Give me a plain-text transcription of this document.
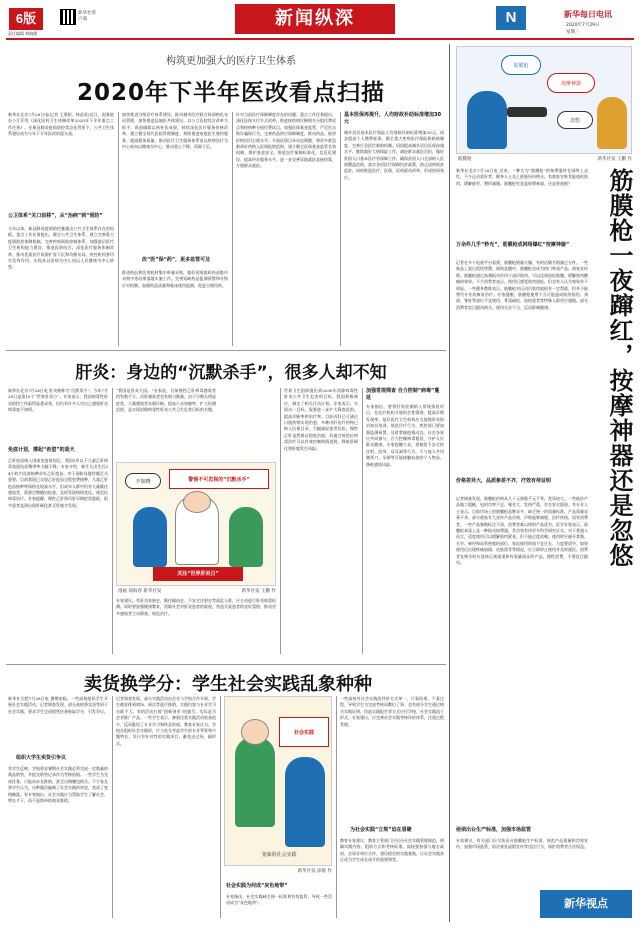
6版
责任编辑 林晓健
新华社客户端	新闻纵深	N	新华每日电讯
2020年7月29日
星期三
构筑更加强大的医疗卫生体系
2020年下半年医改看点扫描
新华社北京7月28日电(记者 王秉阳、林苗苗)近日，国务院办公厅印发《深化医药卫生体制改革2020年下半年重点工作任务》。在新冠肺炎疫情防控常态化背景下，公共卫生体系建设成为今年下半年医改的重头戏。
公卫体系“关口前移”，从“治病”到“预防”
今年以来，新冠肺炎疫情防控暴露出公共卫生体系存在的短板。重点工作任务提出，健全公共卫生体系，建立完善重大疫情防控体制机制。完善疾病预防控制体系，加强基层医疗卫生机构能力建设，推进医防结合。深化医疗服务体制改革，推动优质医疗资源扩容下沉和均衡布局。疾控机构要切实发挥作用，实现从以治病为中心向以人民健康为中心转变。
加快推进分级诊疗体系建设，推动城市医疗联合体网格化布局管理，加快推进县域医共体建设。以公立医院综合改革为抓手，巩固破除以药补医成果，持续深化医疗服务价格改革，建立健全现代医院管理制度。持续推进家庭医生签约服务，提高服务质量。推动医疗卫生服务体系由以疾病治疗为中心转向以健康为中心，推动重心下移、资源下沉。
改“医”保“药”，更多监管可及
推进药品和医用耗材集中带量采购，做好国家组织药品集中采购中选结果落地实施工作。完善短缺药品监测预警和分级应对机制。加强药品质量和临床使用监测，促进合理用药。
针对当前医疗保障制度存在的问题，重点工作任务提出，深化医保支付方式改革，推进按疾病诊断相关分组付费试点和按病种分值付费试点。加强医保基金监管，严厉打击欺诈骗保行为。完善药品供应保障制度，推动药品、耗材价格回归合理水平。开展医保目录动态调整，将更多救急救命好药纳入医保报销范围。建立健全医保基金监管长效机制，维护基金安全。推进医疗保障标准化、信息化建设，提高经办服务水平。进一步完善异地就医直接结算，方便群众就医。
基本医保再提升，人均财政补助标准增加30元
城乡居民基本医疗保险人均财政补助标准增加30元，同步提高个人缴费标准。健全重大疾病医疗保险和救助制度，完善应急医疗救助机制。巩固提高城乡居民医保待遇水平，继续做好大病保险工作，减轻群众就医负担。做好贫困人口基本医疗有保障工作，确保贫困人口全部纳入医保覆盖范围，落实各项医疗保障扶贫政策，防止因病致贫返贫。同时推进医疗、医保、医药联动改革，形成协同效应。
肝炎：身边的“沉默杀手”，很多人却不知
新华社北京7月28日电 肝炎被称为“沉默杀手”。今年7月28日是第10个“世界肝炎日”。专家表示，我国病毒性肝炎防控工作取得显著成效，但仍有许多人对自己感染肝炎病毒毫不知情。
免疫计划，撑起“希望”的蓝天
乙肝疫苗纳入国家免疫规划后，我国5岁以下儿童乙肝病毒表面抗原携带率大幅下降。专家介绍，新生儿出生后24小时内及时接种首针乙肝疫苗，对于预防母婴传播至关重要。目前我国已实现乙肝疫苗全程免费接种，儿童乙肝疫苗接种率保持在较高水平。但成年人群中仍有大量既往感染者，需要定期随访检查，及时发现病情变化，规范抗病毒治疗。专家提醒，慢性乙肝和丙肝早期症状隐匿，很多患者直到出现肝硬化甚至肝癌才发现。
“我国是肝炎大国。”专家说，目前慢性乙肝病毒感染者约有数千万，丙肝感染者也有相当数量。由于早期无明显症状，大量感染者未被诊断。提高公众知晓率、扩大检测范围，是实现消除病毒性肝炎公共卫生危害目标的关键。
不知晓	警惕不可忽视的“沉默杀手”
关注“世界肝炎日”
漫画 商海春 新华社发	新华社发 王鹏 作
专家建议，有肝炎家族史、既往输血史、不安全注射史等高危人群，应主动进行肝炎病毒检测。同时要加强健康教育，消除社会对肝炎患者的歧视，营造关爱患者的良好氛围，推动更多感染者主动筛查、规范治疗。
世界卫生组织提出到2030年消除病毒性肝炎公共卫生危害的目标。我国积极响应，制定了相关行动计划。专家表示，实现这一目标，需要进一步扩大筛查范围，提高诊断率和治疗率。目前丙肝已可通过口服药物实现治愈，多种丙肝治疗药物已纳入医保目录，大幅减轻患者负担。慢性乙肝虽然难以彻底治愈，但通过规范抗病毒治疗可以有效控制病情进展，降低肝硬化和肝癌发生风险。
加强常规筛查 合力控制“病毒”蔓延
专家指出，要将肝炎检测纳入常规体检项目，在医疗机构开展机会性筛查，提高早期发现率。基层医疗卫生机构应当加强肝炎防治知识培训，规范诊疗行为。疾控部门要加强监测预警，及时掌握疫情动态。社会各界应共同参与，合力控制病毒蔓延，守护人民群众健康。专家提醒公众，要避免不安全的注射、纹身、穿耳洞等行为，不与他人共用剃须刀、牙刷等可能接触血液的个人物品，降低感染风险。
卖货换学分：学生社会实践乱象种种
新华社合肥7月28日电 暑期来临，一些高校组织学生开展社会实践活动。记者调查发现，部分高校将卖货等同于社会实践，要求学生完成销售任务换取学分，引发争议。
组织大学生卖货引争议
有学生反映，学校要求暑期社会实践必须完成一定数量的商品销售，并提交销售记录作为考核依据。一些学生为完成任务，只能向亲友推销，甚至自掏腰包购买。不少家长和学生认为，这种做法偏离了社会实践的初衷，变成了变相摊派。有专家指出，社会实践应当帮助学生了解社会、增长才干，而不是简单的商业推销。
记者调查发现，部分实践活动由企业与学校合作开展，学生被安排到商场、网店等进行推销，实践内容与专业学习关联不大。有的活动打着“创新创业”的旗号，实际是为企业推广产品。一些学生表示，参加这类实践活动收获很少，反而耽误了专业学习和休息时间。教育专家认为，学校在组织社会实践时，应当充分考虑学生的专业背景和兴趣特长，设计有针对性的实践项目，避免走过场、搞形式。
社会实践
变味的社会实践
新华社发 徐骏 作
社会实践为何成“灰色地带”
专家指出，社会实践缺乏统一标准和有效监管，导致一些活动成为“灰色地带”。
一些高校对社会实践的评价方式单一，只看结果、不看过程，导致学生为完成考核而敷衍了事。也有部分学生通过购买实践证明、伪造实践报告等方式应付学校，社会实践流于形式。专家建议，应完善社会实践考核评价体系，注重过程管理。
为社会实践“立规”迫在眉睫
教育专家建议，教育主管部门应出台社会实践管理规范，明确实践内容、组织方式和考核标准。高校要加强与地方政府、企事业单位合作，建设稳定的实践基地，让社会实践真正成为学生成长成才的重要课堂。
筋膜枪
按摩神器
忽悠
筋膜枪	新华社发 王鹏 作
新华社北京7月28日电 近来，一种名为“筋膜枪”的按摩器材在网络上走红，不少运动爱好者、健身人士及上班族纷纷购买。有商家宣称其能放松肌肉、缓解疲劳、塑形减脂。筋膜枪究竟是按摩神器，还是智商税？
万余件几乎“秒光”，筋膜枪成网络爆红“按摩神器”
记者在多个电商平台看到，筋膜枪销量火爆，有的店铺月销量过万件。一些新品上架后很快售罄。网络直播中，筋膜枪也成为热门带货产品。商家宣传称，筋膜枪通过高频振动作用于深层肌肉，可以达到放松筋膜、缓解肌肉酸痛的效果。不少消费者表示，使用后感觉肌肉放松，但也有人认为效果并不明显。一些健身教练表示，筋膜枪对运动后肌肉放松有一定帮助，但并不能替代专业的康复治疗。专家提醒，筋膜枪使用不当可能造成肌肉损伤，颈部、脊柱等部位不宜使用，骨质疏松、血栓患者等特殊人群更应谨慎。部分消费者盲目跟风购买，使用方法不当，反而影响健康。
价格差异大，品质参差不齐，疗效有待证明
记者调查发现，筋膜枪价格从几十元到数千元不等，差异较大。一些低价产品做工粗糙，电机功率不足，噪音大、发热严重，存在安全隐患。有专业人士表示，目前市场上的筋膜枪品牌众多，缺乏统一的质量标准，产品质量良莠不齐。部分商家夸大宣传产品功效，声称能够减肥、治疗疾病，误导消费者。一些产品参数标注不清，消费者难以辨别产品优劣。医学专家表示，筋膜枪本质上是一种振动按摩器，其功效有待更多科学研究证实。对于普通人而言，适度使用可以缓解肌肉紧张，但不能过度依赖。使用时应避开骨骼、关节、神经和血管密集的部位，每次使用时间不宜过长，力度要适中。如果使用后出现疼痛加剧、皮肤淤青等情况，应立即停止使用并及时就医。消费者在购买时应选择正规渠道和有质量保证的产品，理性消费，不要盲目跟风。
亟须出台生产标准，加强市场监管
专家建议，有关部门应尽快出台筋膜枪生产标准，规范产品质量和功效宣传，加强市场监管，依法查处虚假宣传等违法行为，保护消费者合法权益。
筋膜枪一夜蹿红，按摩神器还是忽悠
新华视点
